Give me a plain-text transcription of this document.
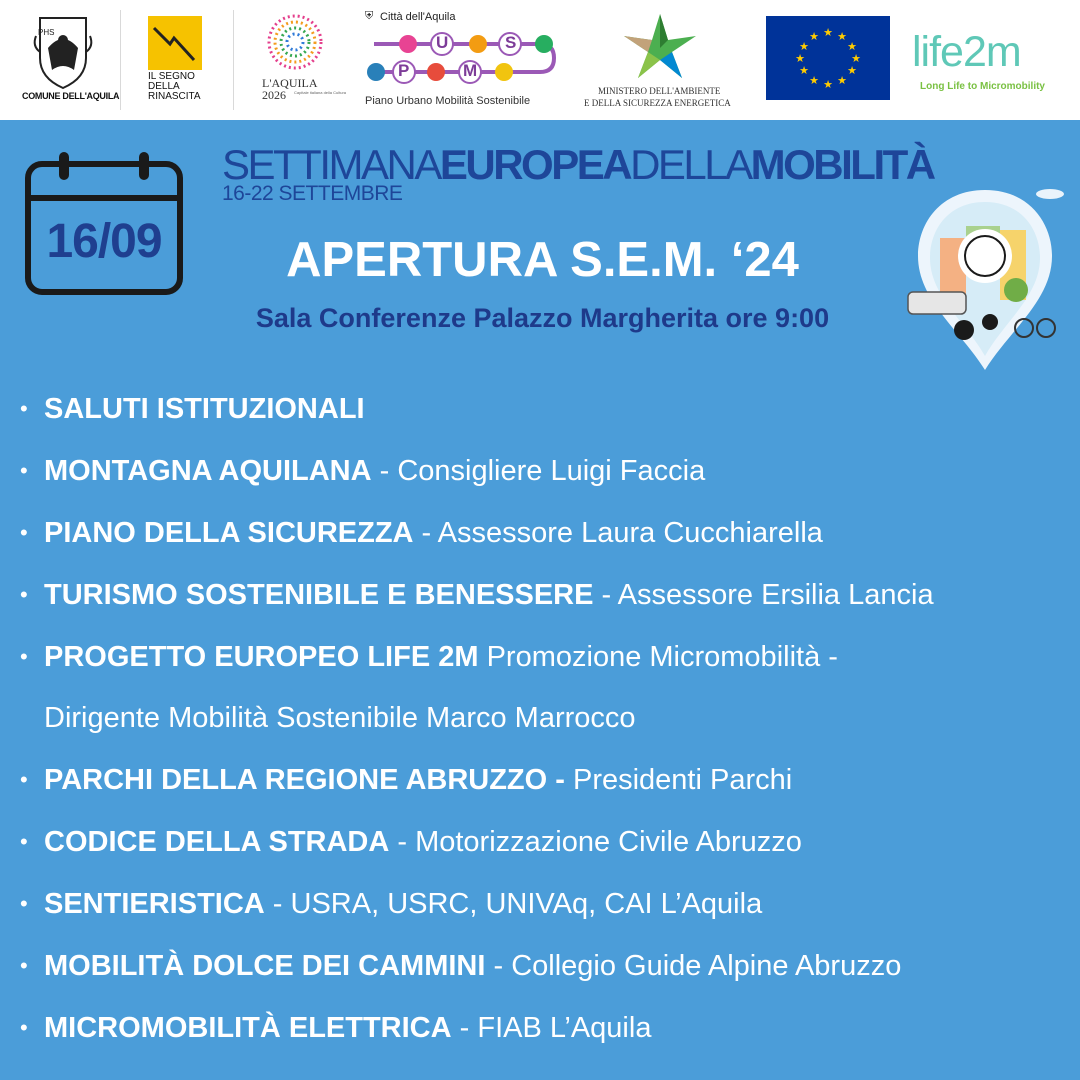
PHS
COMUNE DELL'AQUILA
IL SEGNO
DELLA
RINASCITA
L'AQUILA
2026 Capitale italiana della Cultura
⛨ Città dell'Aquila
U	S
P	M
Piano Urbano Mobilità Sostenibile
MINISTERO DELL'AMBIENTE
E DELLA SICUREZZA ENERGETICA
★ ★
★
★
★
★
★
★
★
★
★
★ life2m
Long Life to Micromobility
16/09
SETTIMANAEUROPEADELLAMOBILITÀ
16-22 SETTEMBRE
APERTURA S.E.M. ‘24
Sala Conferenze Palazzo Margherita ore 9:00
• SALUTI ISTITUZIONALI
• MONTAGNA AQUILANA - Consigliere Luigi Faccia
• PIANO DELLA SICUREZZA - Assessore Laura Cucchiarella
• TURISMO SOSTENIBILE E BENESSERE - Assessore Ersilia Lancia
• PROGETTO EUROPEO LIFE 2M Promozione Micromobilità -
Dirigente Mobilità Sostenibile Marco Marrocco
• PARCHI DELLA REGIONE ABRUZZO - Presidenti Parchi
• CODICE DELLA STRADA - Motorizzazione Civile Abruzzo
• SENTIERISTICA - USRA, USRC, UNIVAq, CAI L’Aquila
• MOBILITÀ DOLCE DEI CAMMINI - Collegio Guide Alpine Abruzzo
• MICROMOBILITÀ ELETTRICA - FIAB L’Aquila
